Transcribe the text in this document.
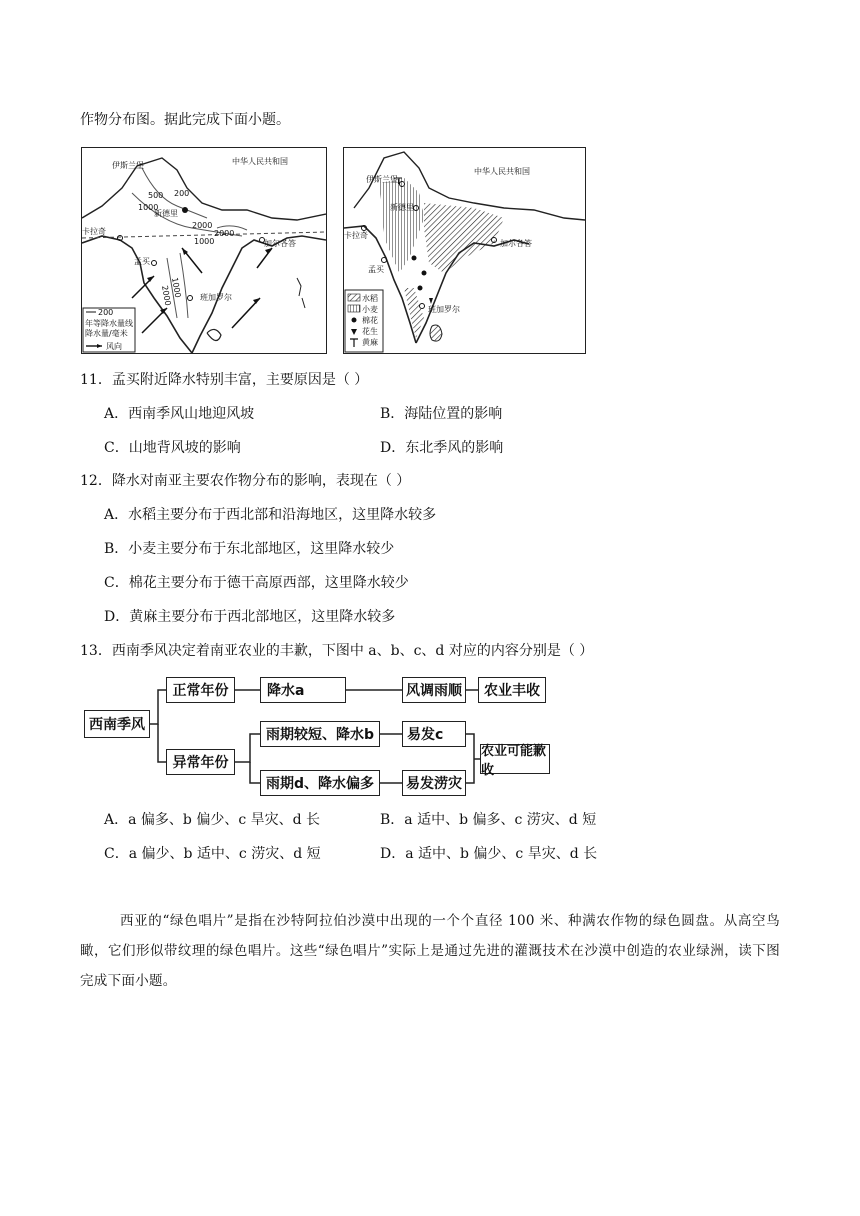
作物分布图。据此完成下面小题。
中华人民共和国
伊斯兰堡
200
500
1000
2000
新德里
1000
2000
1000
2000
卡拉奇
孟买
加尔各答
班加罗尔
200
年等降水量线
降水量/毫米
风向
中华人民共和国
伊斯兰堡
新德里
卡拉奇
孟买
加尔各答
班加罗尔
水稻
小麦
棉花
花生
黄麻
11．孟买附近降水特别丰富，主要原因是（ ）
A．西南季风山地迎风坡	B．海陆位置的影响
C．山地背风坡的影响	D．东北季风的影响
12．降水对南亚主要农作物分布的影响，表现在（ ）
A．水稻主要分布于西北部和沿海地区，这里降水较多
B．小麦主要分布于东北部地区，这里降水较少
C．棉花主要分布于德干高原西部，这里降水较少
D．黄麻主要分布于西北部地区，这里降水较多
13．西南季风决定着南亚农业的丰歉，下图中 a、b、c、d 对应的内容分别是（ ）
西南季风
正常年份
异常年份
降水a	风调雨顺	农业丰收
雨期较短、降水b	易发c
雨期d、降水偏多	易发涝灾
农业可能歉收
A．a 偏多、b 偏少、c 旱灾、d 长	B．a 适中、b 偏多、c 涝灾、d 短
C．a 偏少、b 适中、c 涝灾、d 短	D．a 适中、b 偏少、c 旱灾、d 长
西亚的“绿色唱片”是指在沙特阿拉伯沙漠中出现的一个个直径 100 米、种满农作物的绿色圆盘。从高空鸟瞰，它们形似带纹理的绿色唱片。这些“绿色唱片”实际上是通过先进的灌溉技术在沙漠中创造的农业绿洲，读下图完成下面小题。
